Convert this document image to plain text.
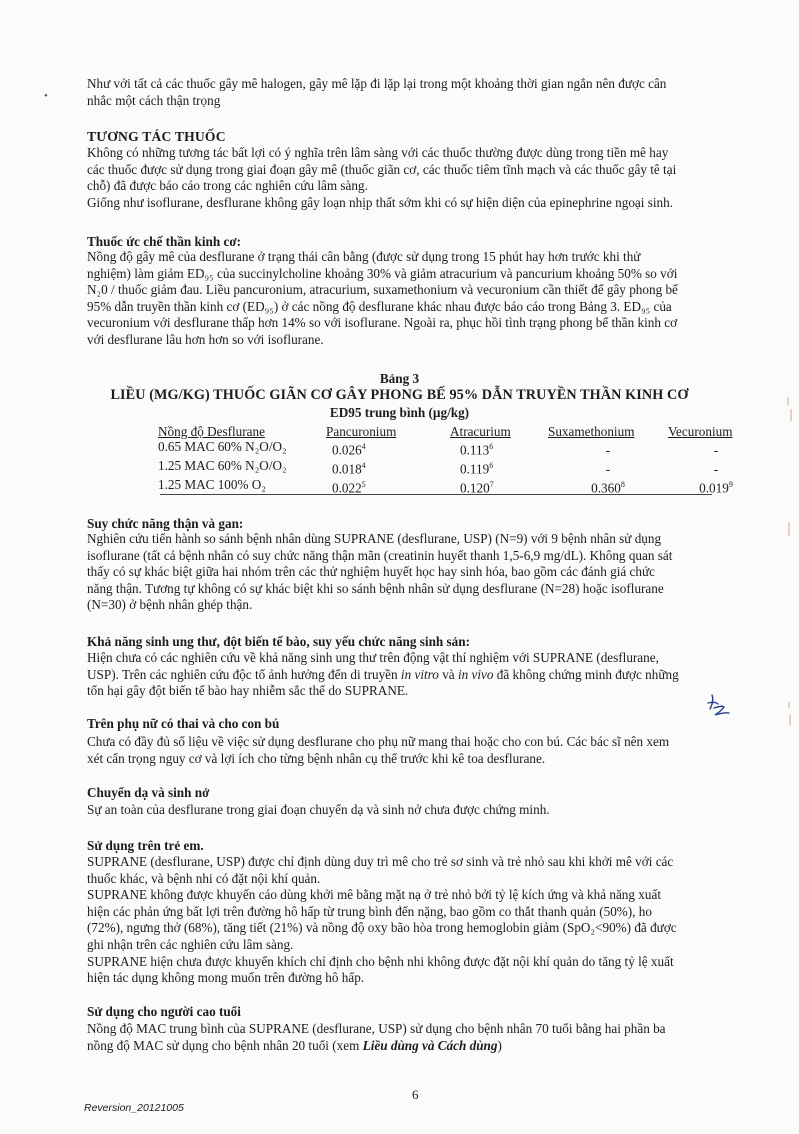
•
Như với tất cả các thuốc gây mê halogen, gây mê lặp đi lặp lại trong một khoảng thời gian ngắn nên được cân
nhắc một cách thận trọng
TƯƠNG TÁC THUỐC
Không có những tương tác bất lợi có ý nghĩa trên lâm sàng với các thuốc thường được dùng trong tiền mê hay
các thuốc được sử dụng trong giai đoạn gây mê (thuốc giãn cơ, các thuốc tiêm tĩnh mạch và các thuốc gây tê tại
chỗ) đã được báo cáo trong các nghiên cứu lâm sàng.
Giống như isoflurane, desflurane không gây loạn nhịp thất sớm khi có sự hiện diện của epinephrine ngoại sinh.
Thuốc ức chế thần kinh cơ:
Nồng độ gây mê của desflurane ở trạng thái cân bằng (được sử dụng trong 15 phút hay hơn trước khi thử
nghiệm) làm giảm ED₉₅ của succinylcholine khoảng 30% và giảm atracurium và pancurium khoảng 50% so với
N₂0 / thuốc giảm đau. Liều pancuronium, atracurium, suxamethonium và vecuronium cần thiết để gây phong bế
95% dẫn truyền thần kinh cơ (ED₉₅) ở các nồng độ desflurane khác nhau được báo cáo trong Bảng 3. ED₉₅ của
vecuronium với desflurane thấp hơn 14% so với isoflurane. Ngoài ra, phục hồi tình trạng phong bế thần kinh cơ
với desflurane lâu hơn hơn so với isoflurane.
Bảng 3
LIỀU (MG/KG) THUỐC GIÃN CƠ GÂY PHONG BẾ 95% DẪN TRUYỀN THẦN KINH CƠ
ED95 trung bình (µg/kg)
Nồng độ Desflurane	Pancuronium	Atracurium	Suxamethonium	Vecuronium
0.65 MAC 60% N₂O/O₂	0.026$^4$	0.113$^6$	-	-
1.25 MAC 60% N₂O/O₂	0.018$^4$	0.119$^6$	-	-
1.25 MAC 100% O₂	0.022$^5$	0.120$^7$	0.360$^8$	0.019$^9$
Suy chức năng thận và gan:
Nghiên cứu tiến hành so sánh bệnh nhân dùng SUPRANE (desflurane, USP) (N=9) với 9 bệnh nhân sử dụng
isoflurane (tất cả bệnh nhân có suy chức năng thận mãn (creatinin huyết thanh 1,5-6,9 mg/dL). Không quan sát
thấy có sự khác biệt giữa hai nhóm trên các thử nghiệm huyết học hay sinh hóa, bao gồm các đánh giá chức
năng thận. Tương tự không có sự khác biệt khi so sánh bệnh nhân sử dụng desflurane (N=28) hoặc isoflurane
(N=30) ở bệnh nhân ghép thận.
Khả năng sinh ung thư, đột biến tế bào, suy yếu chức năng sinh sản:
Hiện chưa có các nghiên cứu về khả năng sinh ung thư trên động vật thí nghiệm với SUPRANE (desflurane,
USP). Trên các nghiên cứu độc tố ảnh hưởng đến di truyền in vitro và in vivo đã không chứng minh được những
tổn hại gây đột biến tế bào hay nhiễm sắc thể do SUPRANE.
Trên phụ nữ có thai và cho con bú
Chưa có đầy đủ số liệu về việc sử dụng desflurane cho phụ nữ mang thai hoặc cho con bú. Các bác sĩ nên xem
xét cẩn trọng nguy cơ và lợi ích cho từng bệnh nhân cụ thể trước khi kê toa desflurane.
Chuyển dạ và sinh nở
Sự an toàn của desflurane trong giai đoạn chuyển dạ và sinh nở chưa được chứng minh.
Sử dụng trên trẻ em.
SUPRANE (desflurane, USP) được chỉ định dùng duy trì mê cho trẻ sơ sinh và trẻ nhỏ sau khi khởi mê với các
thuốc khác, và bệnh nhi có đặt nội khí quản.
SUPRANE không được khuyến cáo dùng khởi mê bằng mặt nạ ở trẻ nhỏ bởi tỷ lệ kích ứng và khả năng xuất
hiện các phản ứng bất lợi trên đường hô hấp từ trung bình đến nặng, bao gồm co thắt thanh quản (50%), ho
(72%), ngưng thở (68%), tăng tiết (21%) và nồng độ oxy bão hòa trong hemoglobin giảm (SpO₂<90%) đã được
ghi nhận trên các nghiên cứu lâm sàng.
SUPRANE hiện chưa được khuyến khích chỉ định cho bệnh nhi không được đặt nội khí quản do tăng tỷ lệ xuất
hiện tác dụng không mong muốn trên đường hô hấp.
Sử dụng cho người cao tuổi
Nồng độ MAC trung bình của SUPRANE (desflurane, USP) sử dụng cho bệnh nhân 70 tuổi bằng hai phần ba
nồng độ MAC sử dụng cho bệnh nhân 20 tuổi (xem Liều dùng và Cách dùng)
6
Reversion_20121005
